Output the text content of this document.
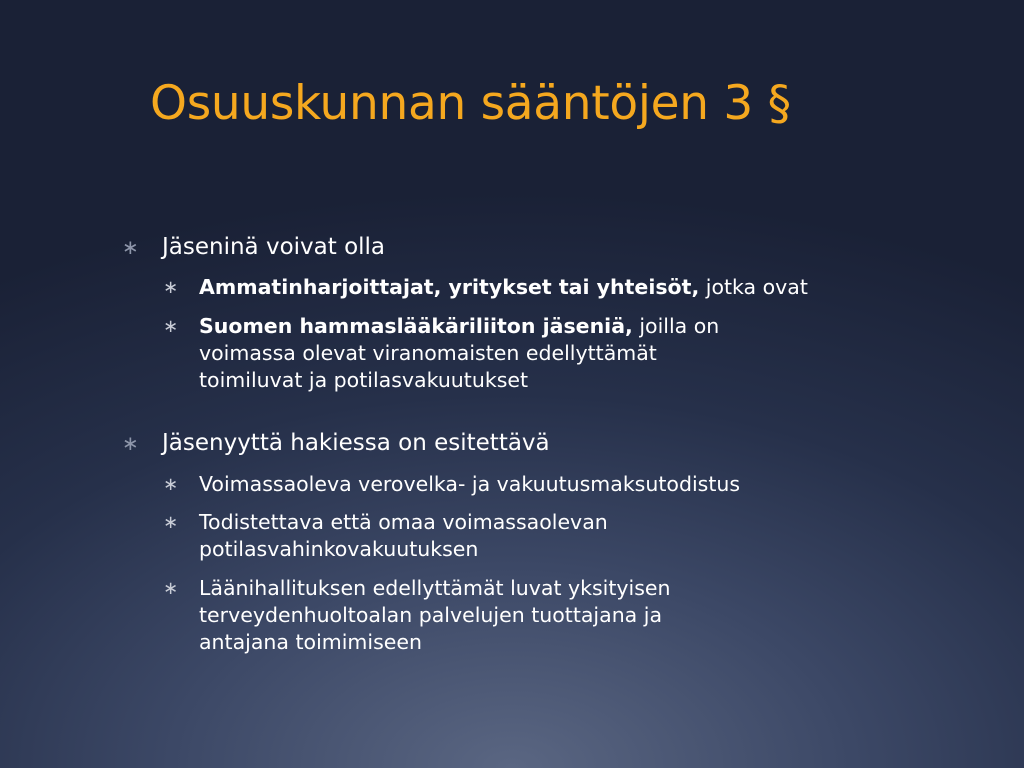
Osuuskunnan sääntöjen 3 §
∗ Jäseninä voivat olla
∗ Ammatinharjoittajat, yritykset tai yhteisöt, jotka ovat
∗ Suomen hammaslääkäriliiton jäseniä, joilla on
voimassa olevat viranomaisten edellyttämät
toimiluvat ja potilasvakuutukset
∗ Jäsenyyttä hakiessa on esitettävä
∗ Voimassaoleva verovelka- ja vakuutusmaksutodistus
∗ Todistettava että omaa voimassaolevan
potilasvahinkovakuutuksen
∗ Läänihallituksen edellyttämät luvat yksityisen
terveydenhuoltoalan palvelujen tuottajana ja
antajana toimimiseen
